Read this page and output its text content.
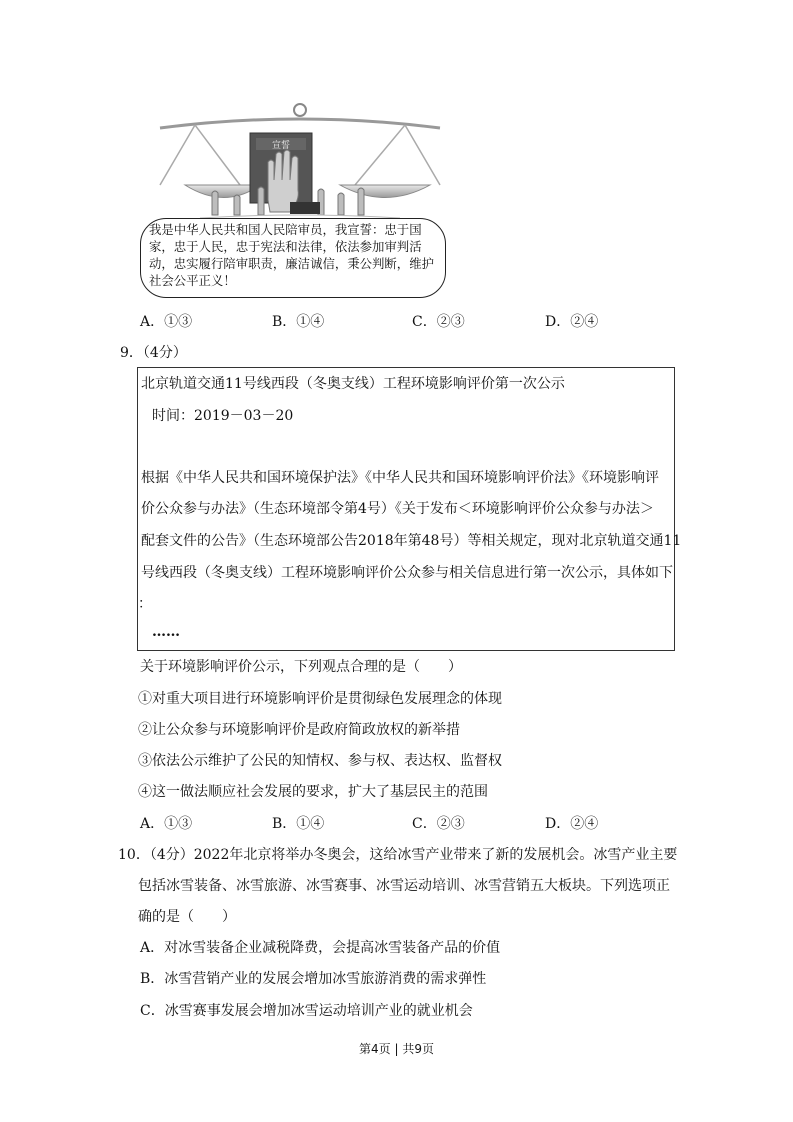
宣誓
我是中华人民共和国人民陪审员，我宣誓：忠于国
家，忠于人民，忠于宪法和法律，依法参加审判活
动，忠实履行陪审职责，廉洁诚信，秉公判断，维护
社会公平正义！
A．①③	B．①④	C．②③	D．②④
9．（4分）
北京轨道交通11号线西段（冬奥支线）工程环境影响评价第一次公示
时间：2019－03－20
根据《中华人民共和国环境保护法》《中华人民共和国环境影响评价法》《环境影响评
价公众参与办法》（生态环境部令第4号）《关于发布＜环境影响评价公众参与办法＞
配套文件的公告》（生态环境部公告2018年第48号）等相关规定，现对北京轨道交通11
号线西段（冬奥支线）工程环境影响评价公众参与相关信息进行第一次公示，具体如下
：
……
关于环境影响评价公示，下列观点合理的是（　　）
①对重大项目进行环境影响评价是贯彻绿色发展理念的体现
②让公众参与环境影响评价是政府简政放权的新举措
③依法公示维护了公民的知情权、参与权、表达权、监督权
④这一做法顺应社会发展的要求，扩大了基层民主的范围
A．①③	B．①④	C．②③	D．②④
10．（4分）2022年北京将举办冬奥会，这给冰雪产业带来了新的发展机会。冰雪产业主要
包括冰雪装备、冰雪旅游、冰雪赛事、冰雪运动培训、冰雪营销五大板块。下列选项正
确的是（　　）
A．对冰雪装备企业减税降费，会提高冰雪装备产品的价值
B．冰雪营销产业的发展会增加冰雪旅游消费的需求弹性
C．冰雪赛事发展会增加冰雪运动培训产业的就业机会
第4页 | 共9页
